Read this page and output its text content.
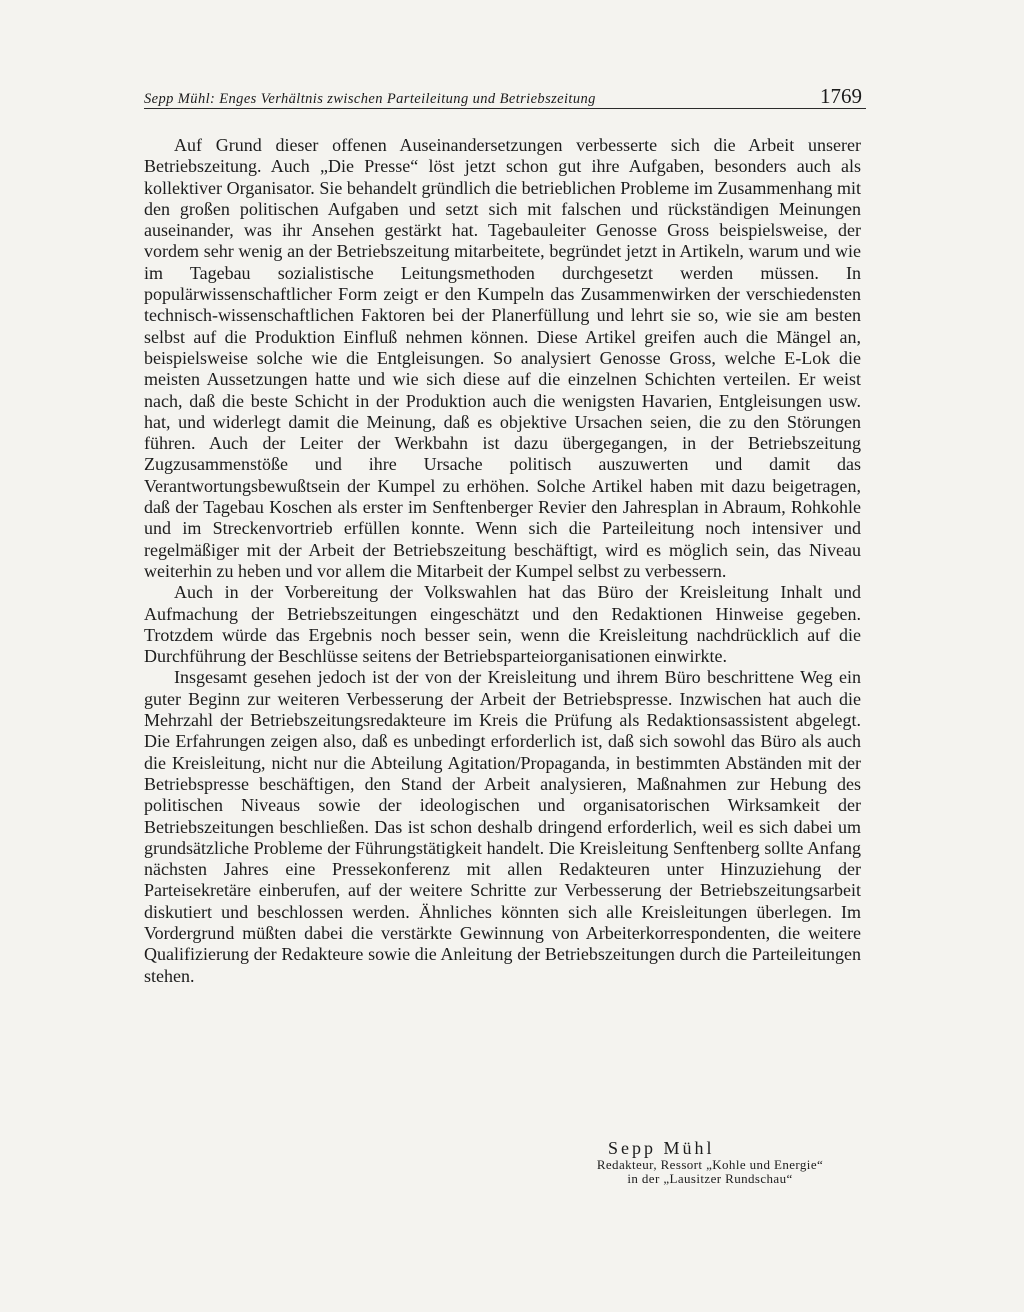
Sepp Mühl: Enges Verhältnis zwischen Parteileitung und Betriebszeitung	1769

Auf Grund dieser offenen Auseinandersetzungen verbesserte sich die Arbeit unserer Betriebszeitung. Auch „Die Presse“ löst jetzt schon gut ihre Aufgaben, besonders auch als kollektiver Organisator. Sie behandelt gründlich die betrieblichen Probleme im Zusammenhang mit den großen politischen Aufgaben und setzt sich mit falschen und rückständigen Meinungen auseinander, was ihr Ansehen gestärkt hat. Tagebauleiter Genosse Gross beispielsweise, der vordem sehr wenig an der Betriebszeitung mitarbeitete, begründet jetzt in Artikeln, warum und wie im Tagebau sozialistische Leitungsmethoden durchgesetzt werden müssen. In populärwissenschaftlicher Form zeigt er den Kumpeln das Zusammenwirken der verschiedensten technisch-wissenschaftlichen Faktoren bei der Planerfüllung und lehrt sie so, wie sie am besten selbst auf die Produktion Einfluß nehmen können. Diese Artikel greifen auch die Mängel an, beispielsweise solche wie die Entgleisungen. So analysiert Genosse Gross, welche E-Lok die meisten Aussetzungen hatte und wie sich diese auf die einzelnen Schichten verteilen. Er weist nach, daß die beste Schicht in der Produktion auch die wenigsten Havarien, Entgleisungen usw. hat, und widerlegt damit die Meinung, daß es objektive Ursachen seien, die zu den Störungen führen. Auch der Leiter der Werkbahn ist dazu übergegangen, in der Betriebszeitung Zugzusammenstöße und ihre Ursache politisch auszuwerten und damit das Verantwortungsbewußtsein der Kumpel zu erhöhen. Solche Artikel haben mit dazu beigetragen, daß der Tagebau Koschen als erster im Senftenberger Revier den Jahresplan in Abraum, Rohkohle und im Streckenvortrieb erfüllen konnte. Wenn sich die Parteileitung noch intensiver und regelmäßiger mit der Arbeit der Betriebszeitung beschäftigt, wird es möglich sein, das Niveau weiterhin zu heben und vor allem die Mitarbeit der Kumpel selbst zu verbessern.

Auch in der Vorbereitung der Volkswahlen hat das Büro der Kreisleitung Inhalt und Aufmachung der Betriebszeitungen eingeschätzt und den Redaktionen Hinweise gegeben. Trotzdem würde das Ergebnis noch besser sein, wenn die Kreisleitung nachdrücklich auf die Durchführung der Beschlüsse seitens der Betriebsparteiorganisationen einwirkte.

Insgesamt gesehen jedoch ist der von der Kreisleitung und ihrem Büro beschrittene Weg ein guter Beginn zur weiteren Verbesserung der Arbeit der Betriebspresse. Inzwischen hat auch die Mehrzahl der Betriebszeitungsredakteure im Kreis die Prüfung als Redaktionsassistent abgelegt. Die Erfahrungen zeigen also, daß es unbedingt erforderlich ist, daß sich sowohl das Büro als auch die Kreisleitung, nicht nur die Abteilung Agitation/Propaganda, in bestimmten Abständen mit der Betriebspresse beschäftigen, den Stand der Arbeit analysieren, Maßnahmen zur Hebung des politischen Niveaus sowie der ideologischen und organisatorischen Wirksamkeit der Betriebszeitungen beschließen. Das ist schon deshalb dringend erforderlich, weil es sich dabei um grundsätzliche Probleme der Führungstätigkeit handelt. Die Kreisleitung Senftenberg sollte Anfang nächsten Jahres eine Pressekonferenz mit allen Redakteuren unter Hinzuziehung der Parteisekretäre einberufen, auf der weitere Schritte zur Verbesserung der Betriebszeitungsarbeit diskutiert und beschlossen werden. Ähnliches könnten sich alle Kreisleitungen überlegen. Im Vordergrund müßten dabei die verstärkte Gewinnung von Arbeiterkorrespondenten, die weitere Qualifizierung der Redakteure sowie die Anleitung der Betriebszeitungen durch die Parteileitungen stehen.

Sepp Mühl
Redakteur, Ressort „Kohle und Energie“
in der „Lausitzer Rundschau“
